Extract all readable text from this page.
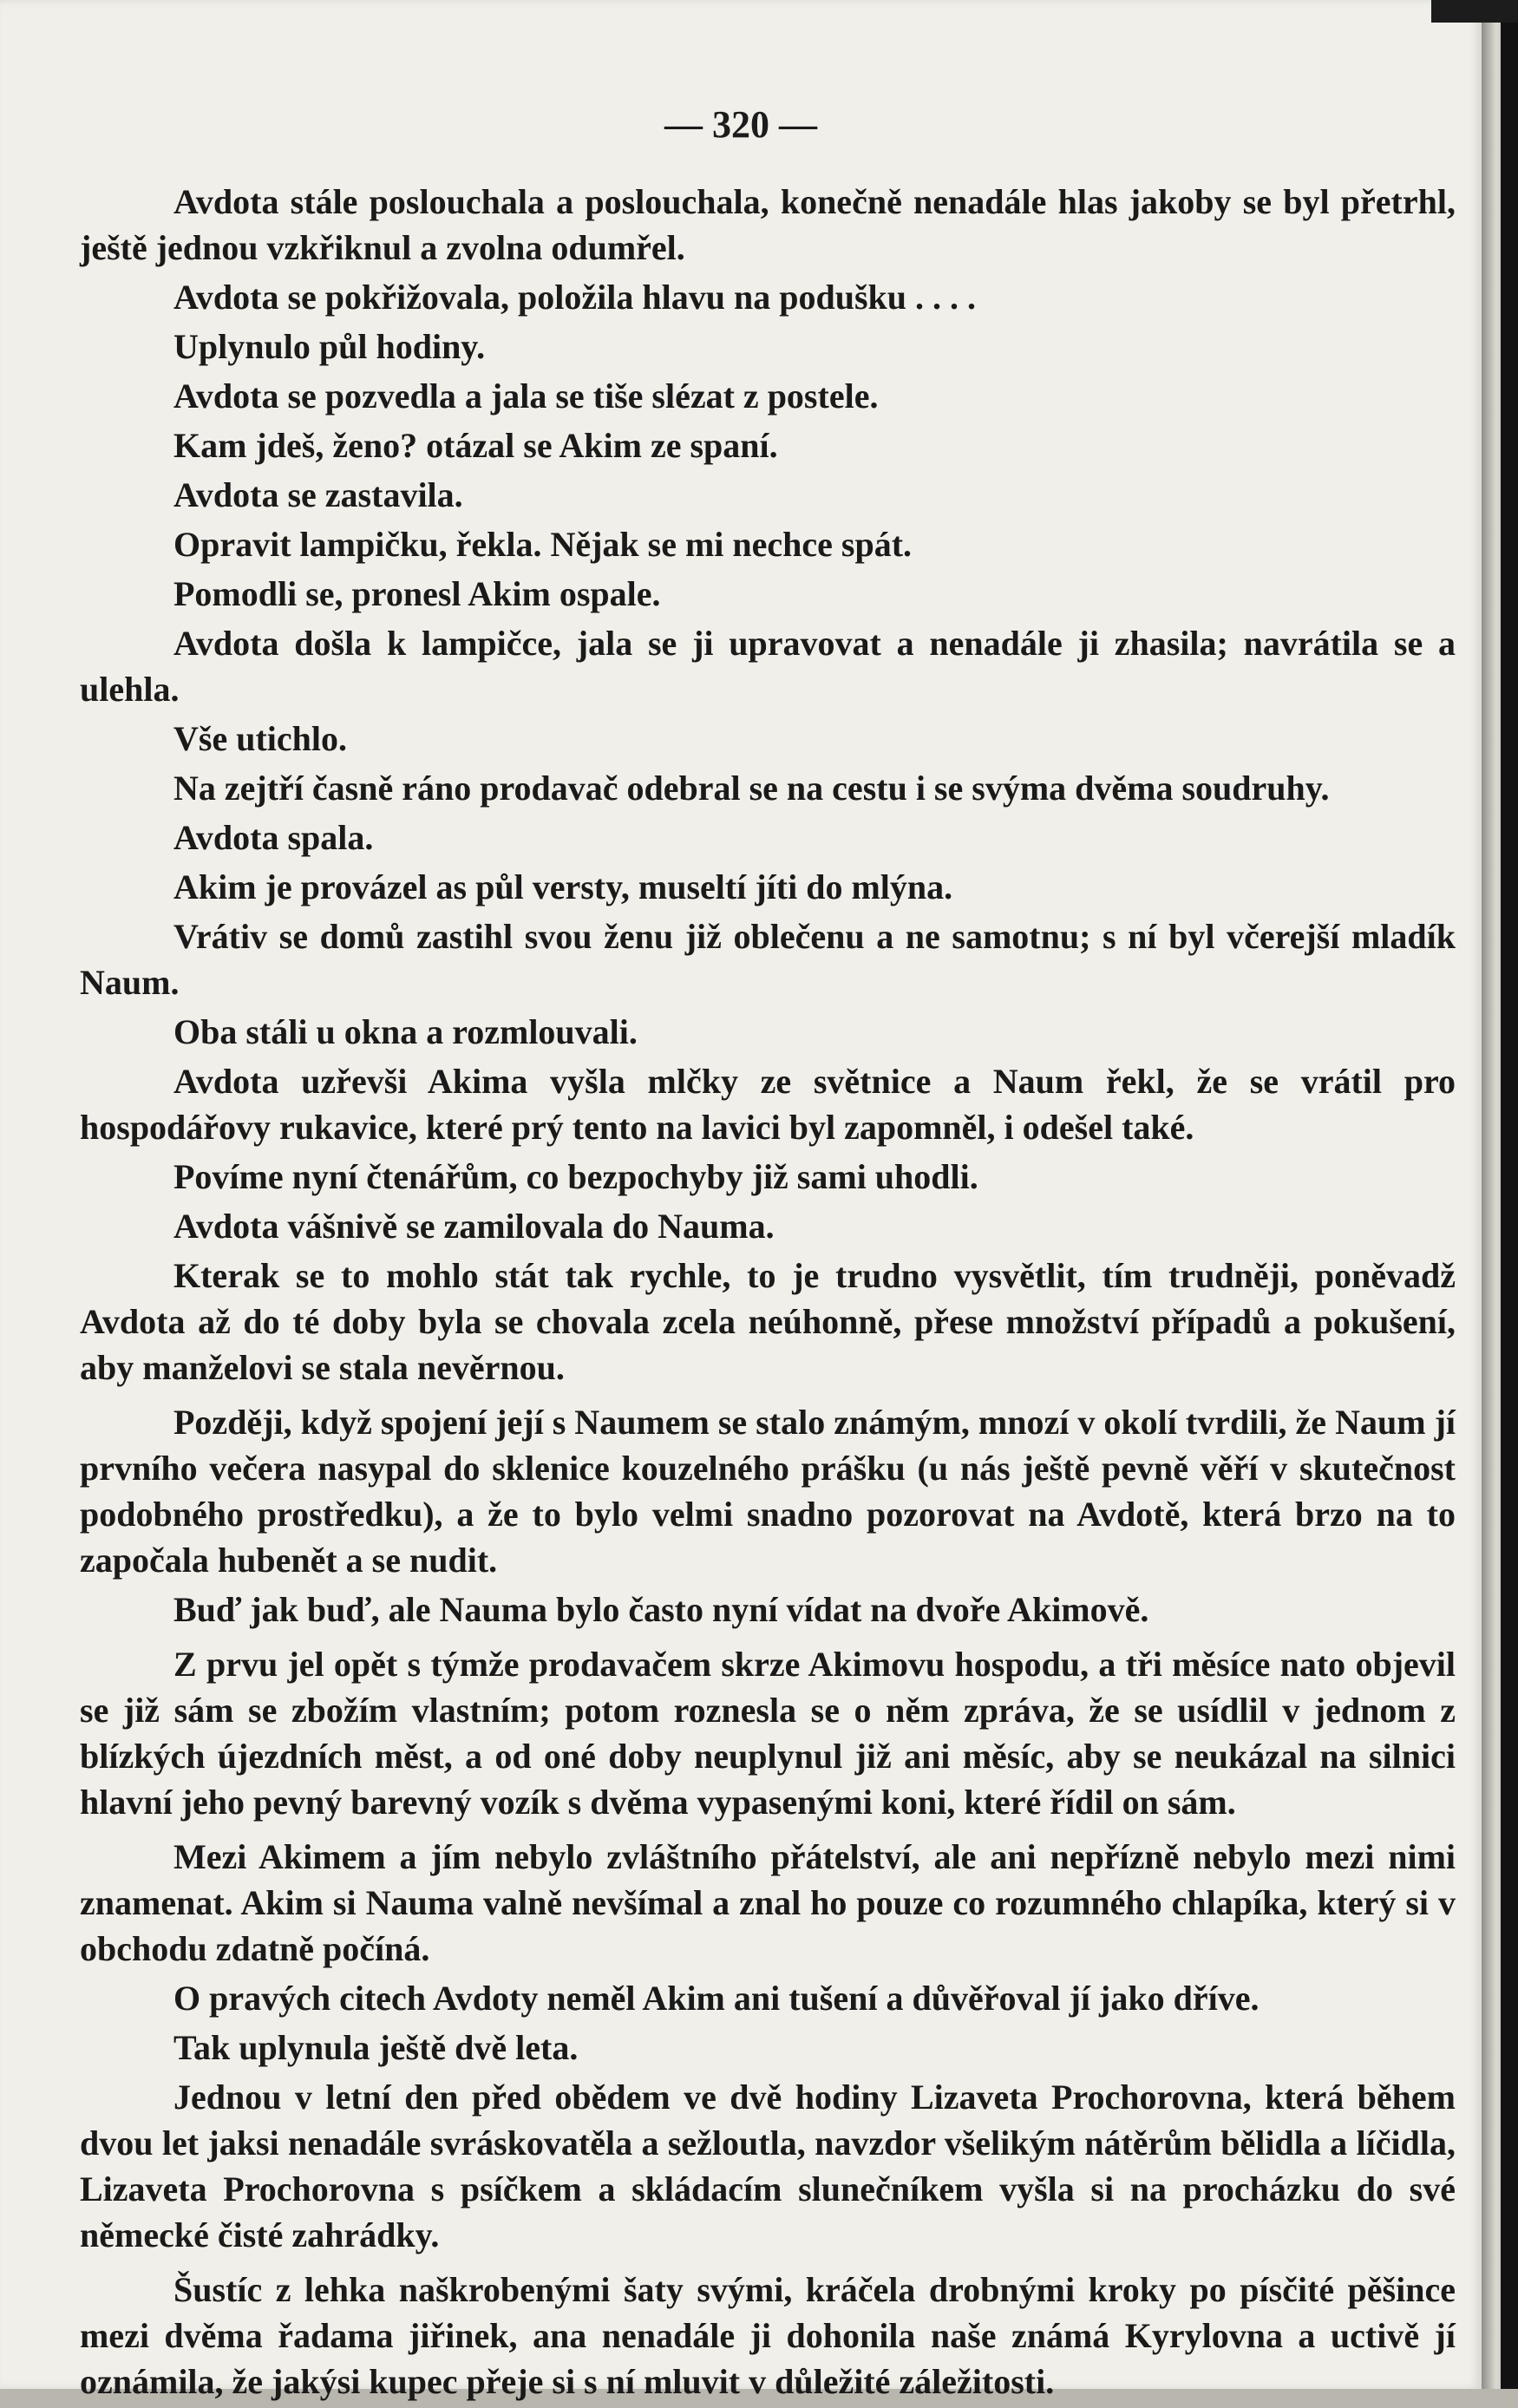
— 320 —

Avdota stále poslouchala a poslouchala, konečně nenadále hlas jakoby se byl přetrhl, ještě jednou vzkřiknul a zvolna odumřel.

Avdota se pokřižovala, položila hlavu na podušku . . . .

Uplynulo půl hodiny.

Avdota se pozvedla a jala se tiše slézat z postele.

Kam jdeš, ženo? otázal se Akim ze spaní.

Avdota se zastavila.

Opravit lampičku, řekla. Nějak se mi nechce spát.

Pomodli se, pronesl Akim ospale.

Avdota došla k lampičce, jala se ji upravovat a nenadále ji zhasila; navrátila se a ulehla.

Vše utichlo.

Na zejtří časně ráno prodavač odebral se na cestu i se svýma dvěma soudruhy.

Avdota spala.

Akim je provázel as půl versty, museltí jíti do mlýna.

Vrátiv se domů zastihl svou ženu již oblečenu a ne samotnu; s ní byl včerejší mladík Naum.

Oba stáli u okna a rozmlouvali.

Avdota uzřevši Akima vyšla mlčky ze světnice a Naum řekl, že se vrátil pro hospodářovy rukavice, které prý tento na lavici byl zapomněl, i odešel také.

Povíme nyní čtenářům, co bezpochyby již sami uhodli.

Avdota vášnivě se zamilovala do Nauma.

Kterak se to mohlo stát tak rychle, to je trudno vysvětlit, tím trudněji, poněvadž Avdota až do té doby byla se chovala zcela neúhonně, přese množství případů a pokušení, aby manželovi se stala nevěrnou.

Později, když spojení její s Naumem se stalo známým, mnozí v okolí tvrdili, že Naum jí prvního večera nasypal do sklenice kouzelného prášku (u nás ještě pevně věří v skutečnost podobného prostředku), a že to bylo velmi snadno pozorovat na Avdotě, která brzo na to započala hubenět a se nudit.

Buď jak buď, ale Nauma bylo často nyní vídat na dvoře Akimově.

Z prvu jel opět s týmže prodavačem skrze Akimovu hospodu, a tři měsíce nato objevil se již sám se zbožím vlastním; potom roznesla se o něm zpráva, že se usídlil v jednom z blízkých újezdních měst, a od oné doby neuplynul již ani měsíc, aby se neukázal na silnici hlavní jeho pevný barevný vozík s dvěma vypasenými koni, které řídil on sám.

Mezi Akimem a jím nebylo zvláštního přátelství, ale ani nepřízně nebylo mezi nimi znamenat. Akim si Nauma valně nevšímal a znal ho pouze co rozumného chlapíka, který si v obchodu zdatně počíná.

O pravých citech Avdoty neměl Akim ani tušení a důvěřoval jí jako dříve.

Tak uplynula ještě dvě leta.

Jednou v letní den před obědem ve dvě hodiny Lizaveta Prochorovna, která během dvou let jaksi nenadále svráskovatěla a sežloutla, navzdor všelikým nátěrům bělidla a líčidla, Lizaveta Prochorovna s psíčkem a skládacím slunečníkem vyšla si na procházku do své německé čisté zahrádky.

Šustíc z lehka naškrobenými šaty svými, kráčela drobnými kroky po písčité pěšince mezi dvěma řadama jiřinek, ana nenadále ji dohonila naše známá Kyrylovna a uctivě jí oznámila, že jakýsi kupec přeje si s ní mluvit v důležité záležitosti.
